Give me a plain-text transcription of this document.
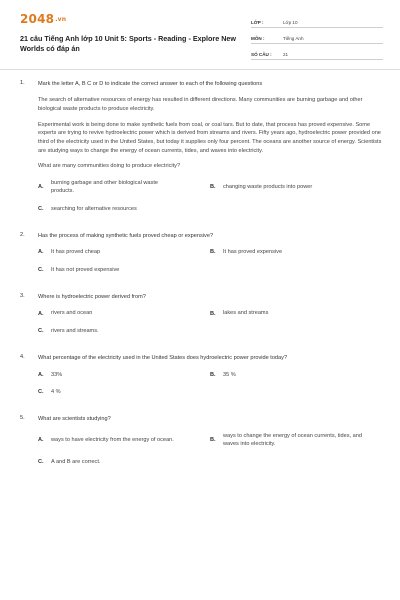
2048.vn
21 câu Tiếng Anh lớp 10 Unit 5: Sports - Reading - Explore New Worlds có đáp án
LỚP :	Lớp 10
MÔN :	Tiếng Anh
SỐ CÂU :	21
1. Mark the letter A, B C or D to indicate the correct answer to each of the following questions

The search of alternative resources of energy has resulted in different directions. Many communities are burning garbage and other biological waste products to produce electricity.

Experimental work is being done to make synthetic fuels from coal, or coal tars. But to date, that process has proved expensive. Some experts are trying to revive hydroelectric power which is derived from streams and rivers. Fifty years ago, hydroelectric power provided one third of the electricity used in the United States, but today it supplies only four percent. The oceans are another source of energy. Scientists are studying ways to change the energy of ocean currents, tides, and waves into electricity.

What are many communities doing to produce electricity?
A.
burning garbage and other biological waste products.
B.	changing waste products into power
C.	searching for alternative resources
2. Has the process of making synthetic fuels proved cheap or expensive?
A.	It has proved cheap	B.	It has proved expensive
C.	It has not proved expensive
3. Where is hydroelectric power derived from?
A.	rivers and ocean	B.	lakes and streams
C.	rivers and streams.
4. What percentage of the electricity used in the United States does hydroelectric power provide today?
A.	33%	B.	35 %
C.	4 %
5. What are scientists studying?
A.	ways to have electricity from the energy of ocean.	B.
ways to change the energy of ocean currents, tides, and waves into electricity.
C.	A and B are correct.
